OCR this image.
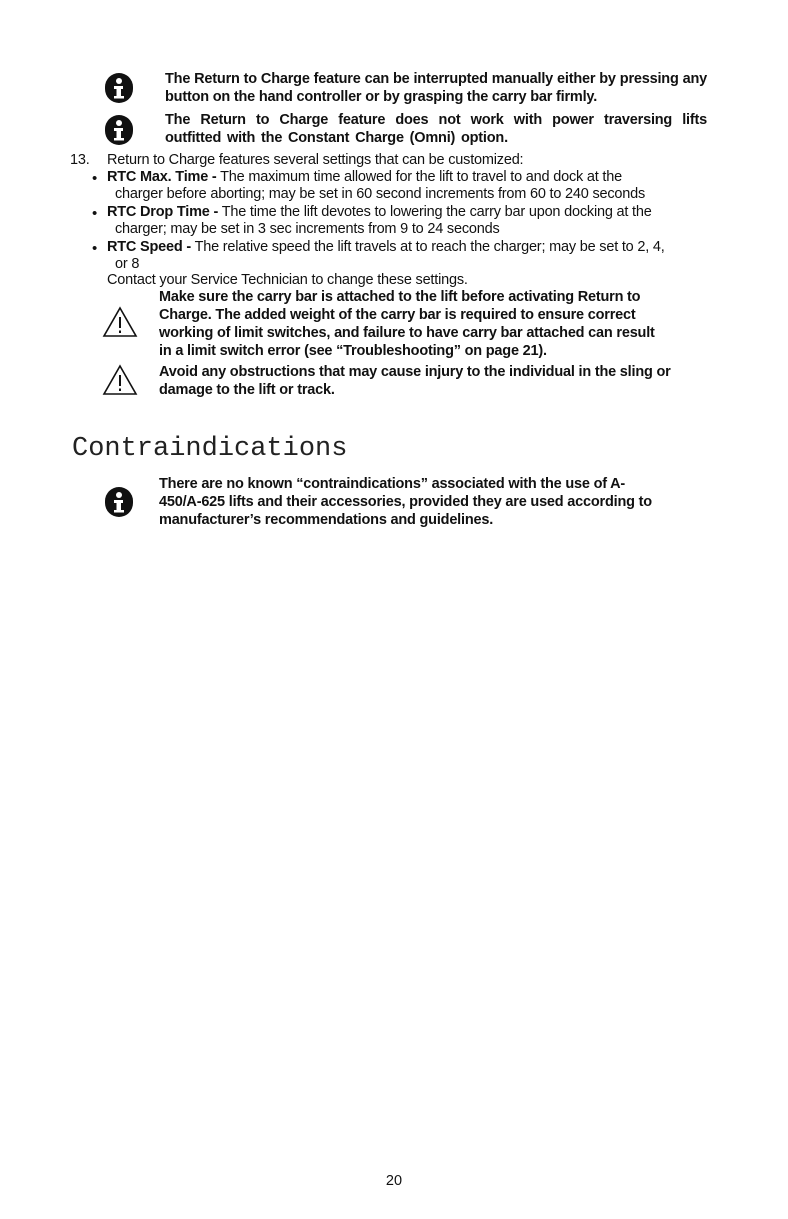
The Return to Charge feature can be interrupted manually either by pressing any button on the hand controller or by grasping the carry bar firmly.
The Return to Charge feature does not work with power traversing lifts outfitted with the Constant Charge (Omni) option.
13. Return to Charge features several settings that can be customized:
• RTC Max. Time - The maximum time allowed for the lift to travel to and dock at the
charger before aborting; may be set in 60 second increments from 60 to 240 seconds
• RTC Drop Time - The time the lift devotes to lowering the carry bar upon docking at the
charger; may be set in 3 sec increments from 9 to 24 seconds
• RTC Speed - The relative speed the lift travels at to reach the charger; may be set to 2, 4,
or 8
Contact your Service Technician to change these settings.
Make sure the carry bar is attached to the lift before activating Return to
Charge. The added weight of the carry bar is required to ensure correct
working of limit switches, and failure to have carry bar attached can result
in a limit switch error (see “Troubleshooting” on page 21).
Avoid any obstructions that may cause injury to the individual in the sling or
damage to the lift or track.
Contraindications
There are no known “contraindications” associated with the use of A-
450/A-625 lifts and their accessories, provided they are used according to
manufacturer’s recommendations and guidelines.
20
